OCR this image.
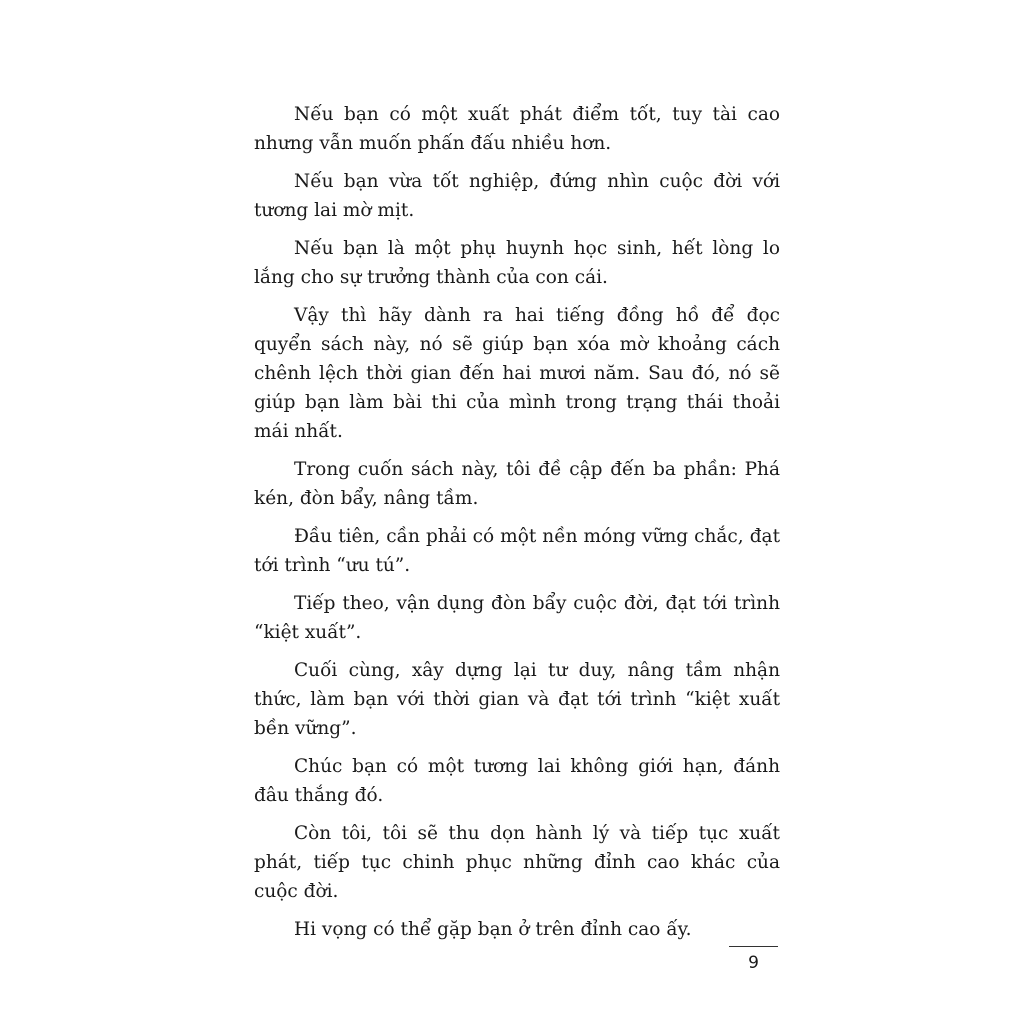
Nếu bạn có một xuất phát điểm tốt, tuy tài cao nhưng vẫn muốn phấn đấu nhiều hơn.

Nếu bạn vừa tốt nghiệp, đứng nhìn cuộc đời với tương lai mờ mịt.

Nếu bạn là một phụ huynh học sinh, hết lòng lo lắng cho sự trưởng thành của con cái.

Vậy thì hãy dành ra hai tiếng đồng hồ để đọc quyển sách này, nó sẽ giúp bạn xóa mờ khoảng cách chênh lệch thời gian đến hai mươi năm. Sau đó, nó sẽ giúp bạn làm bài thi của mình trong trạng thái thoải mái nhất.

Trong cuốn sách này, tôi đề cập đến ba phần: Phá kén, đòn bẩy, nâng tầm.

Đầu tiên, cần phải có một nền móng vững chắc, đạt tới trình “ưu tú”.

Tiếp theo, vận dụng đòn bẩy cuộc đời, đạt tới trình “kiệt xuất”.

Cuối cùng, xây dựng lại tư duy, nâng tầm nhận thức, làm bạn với thời gian và đạt tới trình “kiệt xuất bền vững”.

Chúc bạn có một tương lai không giới hạn, đánh đâu thắng đó.

Còn tôi, tôi sẽ thu dọn hành lý và tiếp tục xuất phát, tiếp tục chinh phục những đỉnh cao khác của cuộc đời.

Hi vọng có thể gặp bạn ở trên đỉnh cao ấy.

9
